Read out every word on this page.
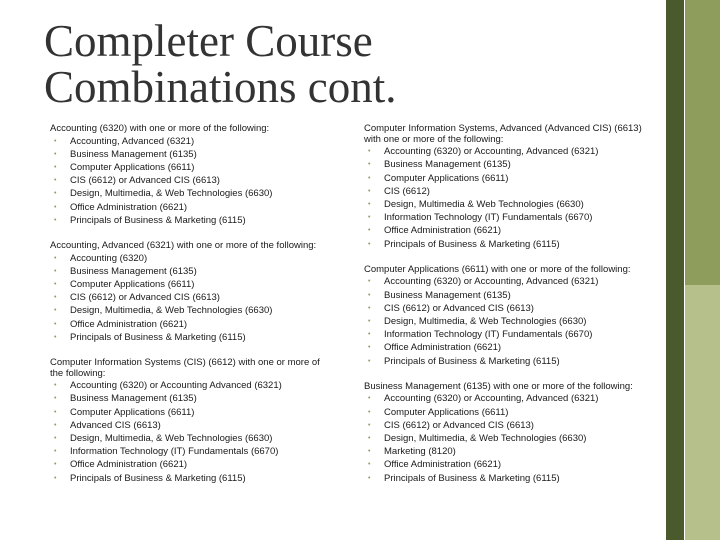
Completer Course Combinations cont.

Accounting (6320) with one or more of the following:

• Accounting, Advanced (6321)
• Business Management (6135)
• Computer Applications (6611)
• CIS (6612) or Advanced CIS (6613)
• Design, Multimedia, & Web Technologies (6630)
• Office Administration (6621)
• Principals of Business & Marketing (6115)

Accounting, Advanced (6321) with one or more of the following:

• Accounting (6320)
• Business Management (6135)
• Computer Applications (6611)
• CIS (6612) or Advanced CIS (6613)
• Design, Multimedia, & Web Technologies (6630)
• Office Administration (6621)
• Principals of Business & Marketing (6115)

Computer Information Systems (CIS) (6612) with one or more of the following:

• Accounting (6320) or Accounting Advanced (6321)
• Business Management (6135)
• Computer Applications (6611)
• Advanced CIS (6613)
• Design, Multimedia, & Web Technologies (6630)
• Information Technology (IT) Fundamentals (6670)
• Office Administration (6621)
• Principals of Business & Marketing (6115)

Computer Information Systems, Advanced (Advanced CIS) (6613) with one or more of the following:

• Accounting (6320) or Accounting, Advanced (6321)
• Business Management (6135)
• Computer Applications (6611)
• CIS (6612)
• Design, Multimedia & Web Technologies (6630)
• Information Technology (IT) Fundamentals (6670)
• Office Administration (6621)
• Principals of Business & Marketing (6115)

Computer Applications (6611) with one or more of the following:

• Accounting (6320) or Accounting, Advanced (6321)
• Business Management (6135)
• CIS (6612) or Advanced CIS (6613)
• Design, Multimedia, & Web Technologies (6630)
• Information Technology (IT) Fundamentals (6670)
• Office Administration (6621)
• Principals of Business & Marketing (6115)

Business Management (6135) with one or more of the following:

• Accounting (6320) or Accounting, Advanced (6321)
• Computer Applications (6611)
• CIS (6612) or Advanced CIS (6613)
• Design, Multimedia, & Web Technologies (6630)
• Marketing (8120)
• Office Administration (6621)
• Principals of Business & Marketing (6115)
